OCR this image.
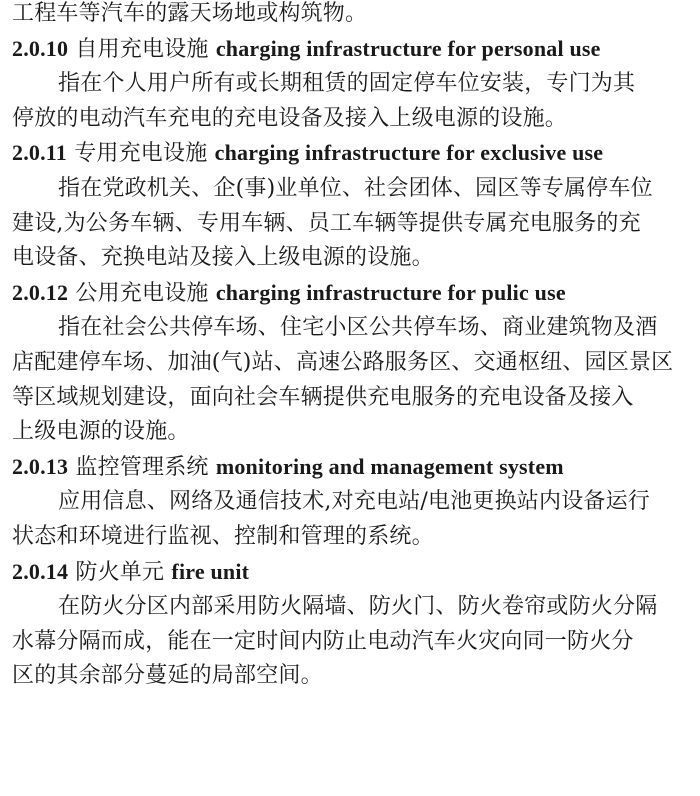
工程车等汽车的露天场地或构筑物。
2.0.10 自用充电设施 charging infrastructure for personal use
指在个人用户所有或长期租赁的固定停车位安装，专门为其
停放的电动汽车充电的充电设备及接入上级电源的设施。
2.0.11 专用充电设施 charging infrastructure for exclusive use
指在党政机关、企(事)业单位、社会团体、园区等专属停车位
建设,为公务车辆、专用车辆、员工车辆等提供专属充电服务的充
电设备、充换电站及接入上级电源的设施。
2.0.12 公用充电设施 charging infrastructure for pulic use
指在社会公共停车场、住宅小区公共停车场、商业建筑物及酒
店配建停车场、加油(气)站、高速公路服务区、交通枢纽、园区景区
等区域规划建设，面向社会车辆提供充电服务的充电设备及接入
上级电源的设施。
2.0.13 监控管理系统 monitoring and management system
应用信息、网络及通信技术,对充电站/电池更换站内设备运行
状态和环境进行监视、控制和管理的系统。
2.0.14 防火单元 fire unit
在防火分区内部采用防火隔墙、防火门、防火卷帘或防火分隔
水幕分隔而成，能在一定时间内防止电动汽车火灾向同一防火分
区的其余部分蔓延的局部空间。
